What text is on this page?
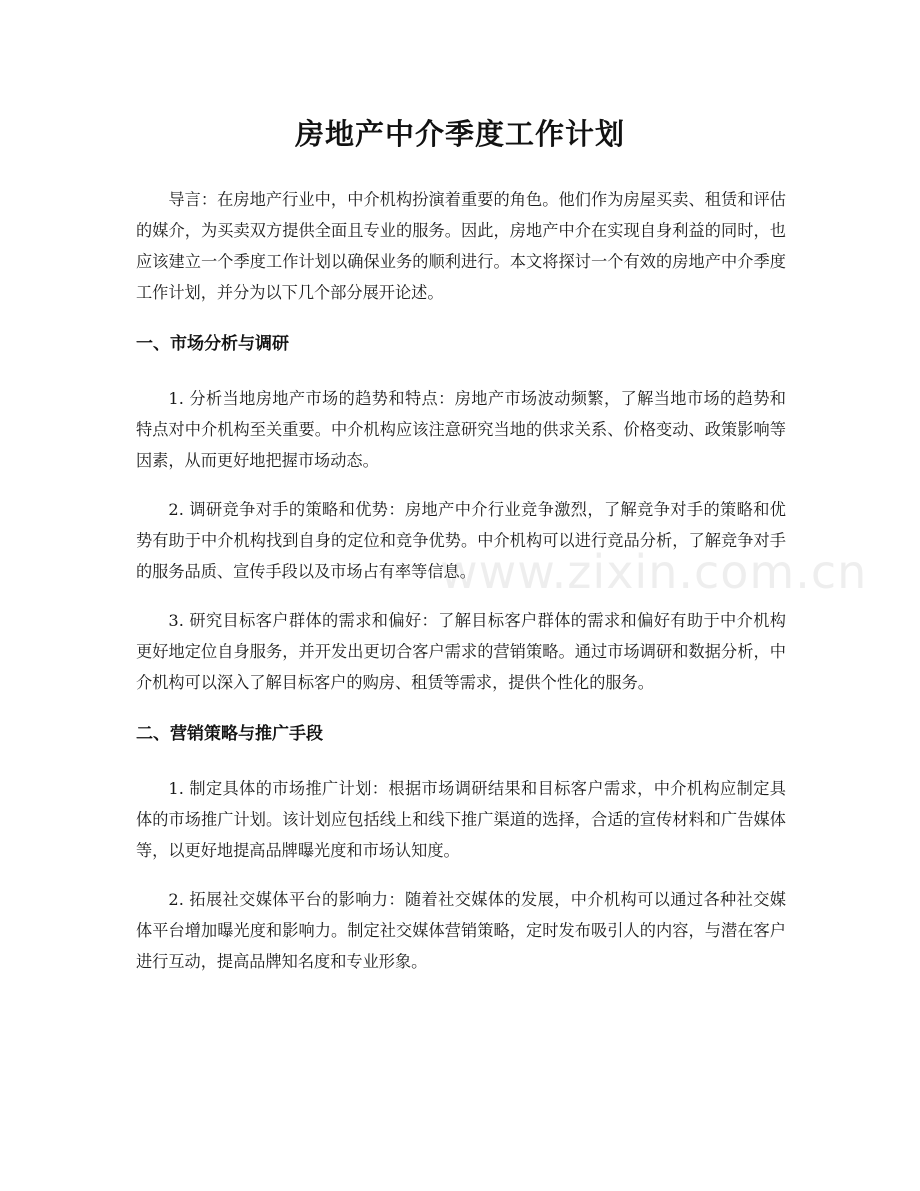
房地产中介季度工作计划

导言：在房地产行业中，中介机构扮演着重要的角色。他们作为房屋买卖、租赁和评估的媒介，为买卖双方提供全面且专业的服务。因此，房地产中介在实现自身利益的同时，也应该建立一个季度工作计划以确保业务的顺利进行。本文将探讨一个有效的房地产中介季度工作计划，并分为以下几个部分展开论述。

一、市场分析与调研

1. 分析当地房地产市场的趋势和特点：房地产市场波动频繁，了解当地市场的趋势和特点对中介机构至关重要。中介机构应该注意研究当地的供求关系、价格变动、政策影响等因素，从而更好地把握市场动态。

2. 调研竞争对手的策略和优势：房地产中介行业竞争激烈，了解竞争对手的策略和优势有助于中介机构找到自身的定位和竞争优势。中介机构可以进行竞品分析，了解竞争对手的服务品质、宣传手段以及市场占有率等信息。

3. 研究目标客户群体的需求和偏好：了解目标客户群体的需求和偏好有助于中介机构更好地定位自身服务，并开发出更切合客户需求的营销策略。通过市场调研和数据分析，中介机构可以深入了解目标客户的购房、租赁等需求，提供个性化的服务。

二、营销策略与推广手段

1. 制定具体的市场推广计划：根据市场调研结果和目标客户需求，中介机构应制定具体的市场推广计划。该计划应包括线上和线下推广渠道的选择，合适的宣传材料和广告媒体等，以更好地提高品牌曝光度和市场认知度。

2. 拓展社交媒体平台的影响力：随着社交媒体的发展，中介机构可以通过各种社交媒体平台增加曝光度和影响力。制定社交媒体营销策略，定时发布吸引人的内容，与潜在客户进行互动，提高品牌知名度和专业形象。

www.zixin.com.cn
